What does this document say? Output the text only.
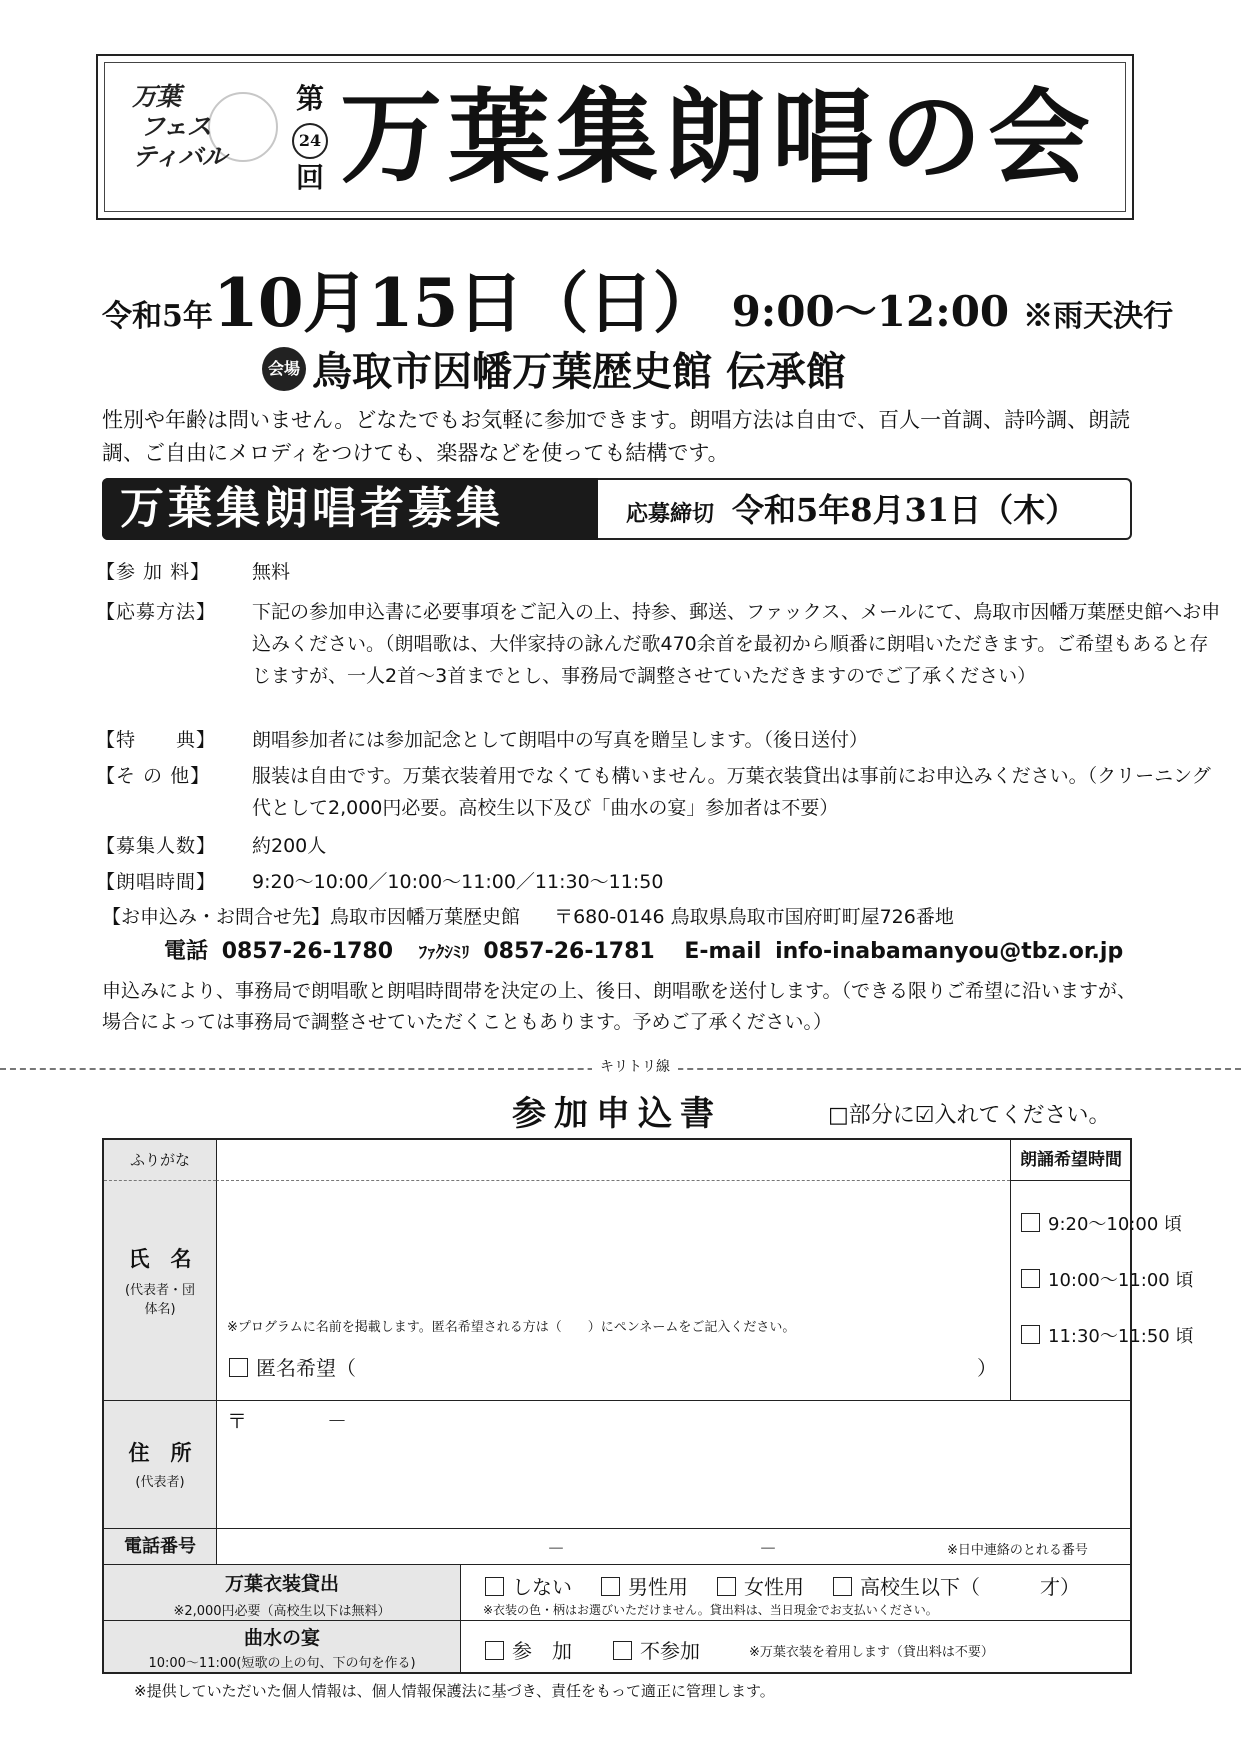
万葉
フェス
ティバル
第
24
回 万葉集朗唱の会
令和5年10月15日（日） 9:00～12:00 ※雨天決行
会場 鳥取市因幡万葉歴史館 伝承館
性別や年齢は問いません。どなたでもお気軽に参加できます。朗唱方法は自由で、百人一首調、詩吟調、朗読調、ご自由にメロディをつけても、楽器などを使っても結構です。
万葉集朗唱者募集	応募締切 令和5年8月31日（木）
【参 加 料】	無料
【応募方法】	下記の参加申込書に必要事項をご記入の上、持参、郵送、ファックス、メールにて、鳥取市因幡万葉歴史館へお申込みください。（朗唱歌は、大伴家持の詠んだ歌470余首を最初から順番に朗唱いただきます。ご希望もあると存じますが、一人2首～3首までとし、事務局で調整させていただきますのでご了承ください）
【特　　典】	朗唱参加者には参加記念として朗唱中の写真を贈呈します。（後日送付）
【そ の 他】	服装は自由です。万葉衣装着用でなくても構いません。万葉衣装貸出は事前にお申込みください。（クリーニング代として2,000円必要。高校生以下及び「曲水の宴」参加者は不要）
【募集人数】	約200人
【朗唱時間】	9:20～10:00／10:00～11:00／11:30～11:50
【お申込み・お問合せ先】鳥取市因幡万葉歴史館 〒680-0146 鳥取県鳥取市国府町町屋726番地
電話 0857-26-1780 ﾌｧｸｼﾐﾘ 0857-26-1781 E-mail info-inabamanyou@tbz.or.jp
申込みにより、事務局で朗唱歌と朗唱時間帯を決定の上、後日、朗唱歌を送付します。（できる限りご希望に沿いますが、場合によっては事務局で調整させていただくこともあります。予めご了承ください。）
キリトリ線
参加申込書	□部分に☑入れてください。
ふりがな
氏　名
(代表者・団体名)
※プログラムに名前を掲載します。匿名希望される方は（　　）にペンネームをご記入ください。
匿名希望（	）
朗誦希望時間
9:20～10:00 頃
10:00～11:00 頃
11:30～11:50 頃
住　所
(代表者)
〒　　　　－
電話番号	－	－	※日中連絡のとれる番号
万葉衣装貸出
※2,000円必要（高校生以下は無料）
しない	男性用	女性用	高校生以下（　　　才）
※衣装の色・柄はお選びいただけません。貸出料は、当日現金でお支払いください。
曲水の宴
10:00～11:00(短歌の上の句、下の句を作る)
参　加	不参加	※万葉衣装を着用します（貸出料は不要）
※提供していただいた個人情報は、個人情報保護法に基づき、責任をもって適正に管理します。
